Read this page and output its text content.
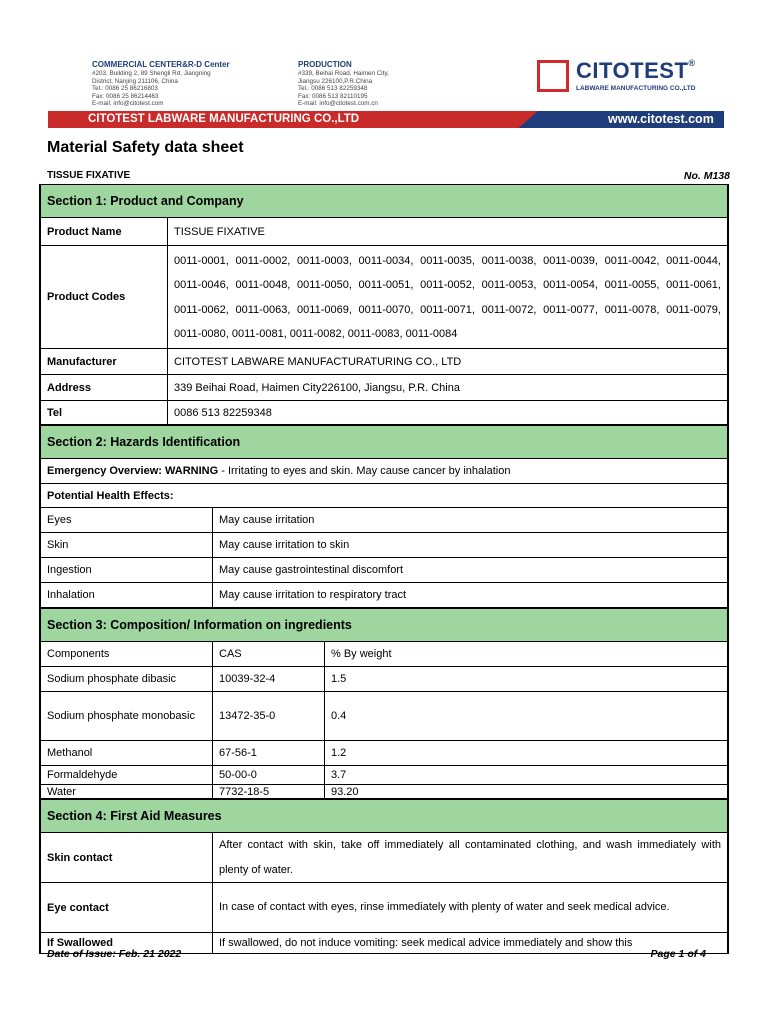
COMMERCIAL CENTER&R-D Center
#203, Building 2, 89 Shengli Rd, Jiangning
District, Nanjing 211106, China
Tel.: 0086 25 86216803
Fax: 0086 25 86214463
E-mail: info@citotest.com
PRODUCTION
#339, Beihai Road, Haimen City,
Jiangsu 226100,P.R.China
Tel.: 0086 513 82259348
Fax: 0086 513 82110195
E-mail: info@citotest.com.cn
CITOTEST®
LABWARE MANUFACTURING CO.,LTD
CITOTEST LABWARE MANUFACTURING CO.,LTD	www.citotest.com
Material Safety data sheet
TISSUE FIXATIVE	No. M138
Section 1: Product and Company	
Product Name	TISSUE FIXATIVE
Product Codes	0011-0001, 0011-0002, 0011-0003, 0011-0034, 0011-0035, 0011-0038, 0011-0039, 0011-0042, 0011-0044, 0011-0046, 0011-0048, 0011-0050, 0011-0051, 0011-0052, 0011-0053, 0011-0054, 0011-0055, 0011-0061, 0011-0062, 0011-0063, 0011-0069, 0011-0070, 0011-0071, 0011-0072, 0011-0077, 0011-0078, 0011-0079, 0011-0080, 0011-0081, 0011-0082, 0011-0083, 0011-0084
Manufacturer	CITOTEST LABWARE MANUFACTURATURING CO., LTD
Address	339 Beihai Road, Haimen City226100, Jiangsu, P.R. China
Tel	0086 513 82259348
Section 2: Hazards Identification	
Emergency Overview: WARNING - Irritating to eyes and skin. May cause cancer by inhalation	
Potential Health Effects:	
Eyes	May cause irritation
Skin	May cause irritation to skin
Ingestion	May cause gastrointestinal discomfort
Inhalation	May cause irritation to respiratory tract
Section 3: Composition/ Information on ingredients		
Components	CAS	% By weight
Sodium phosphate dibasic	10039-32-4	1.5
Sodium phosphate monobasic	13472-35-0	0.4
Methanol	67-56-1	1.2
Formaldehyde	50-00-0	3.7
Water	7732-18-5	93.20
Section 4: First Aid Measures	
Skin contact	After contact with skin, take off immediately all contaminated clothing, and wash immediately with plenty of water.
Eye contact	In case of contact with eyes, rinse immediately with plenty of water and seek medical advice.
If Swallowed	If swallowed, do not induce vomiting: seek medical advice immediately and show this
Date of Issue: Feb. 21 2022	Page 1 of 4
